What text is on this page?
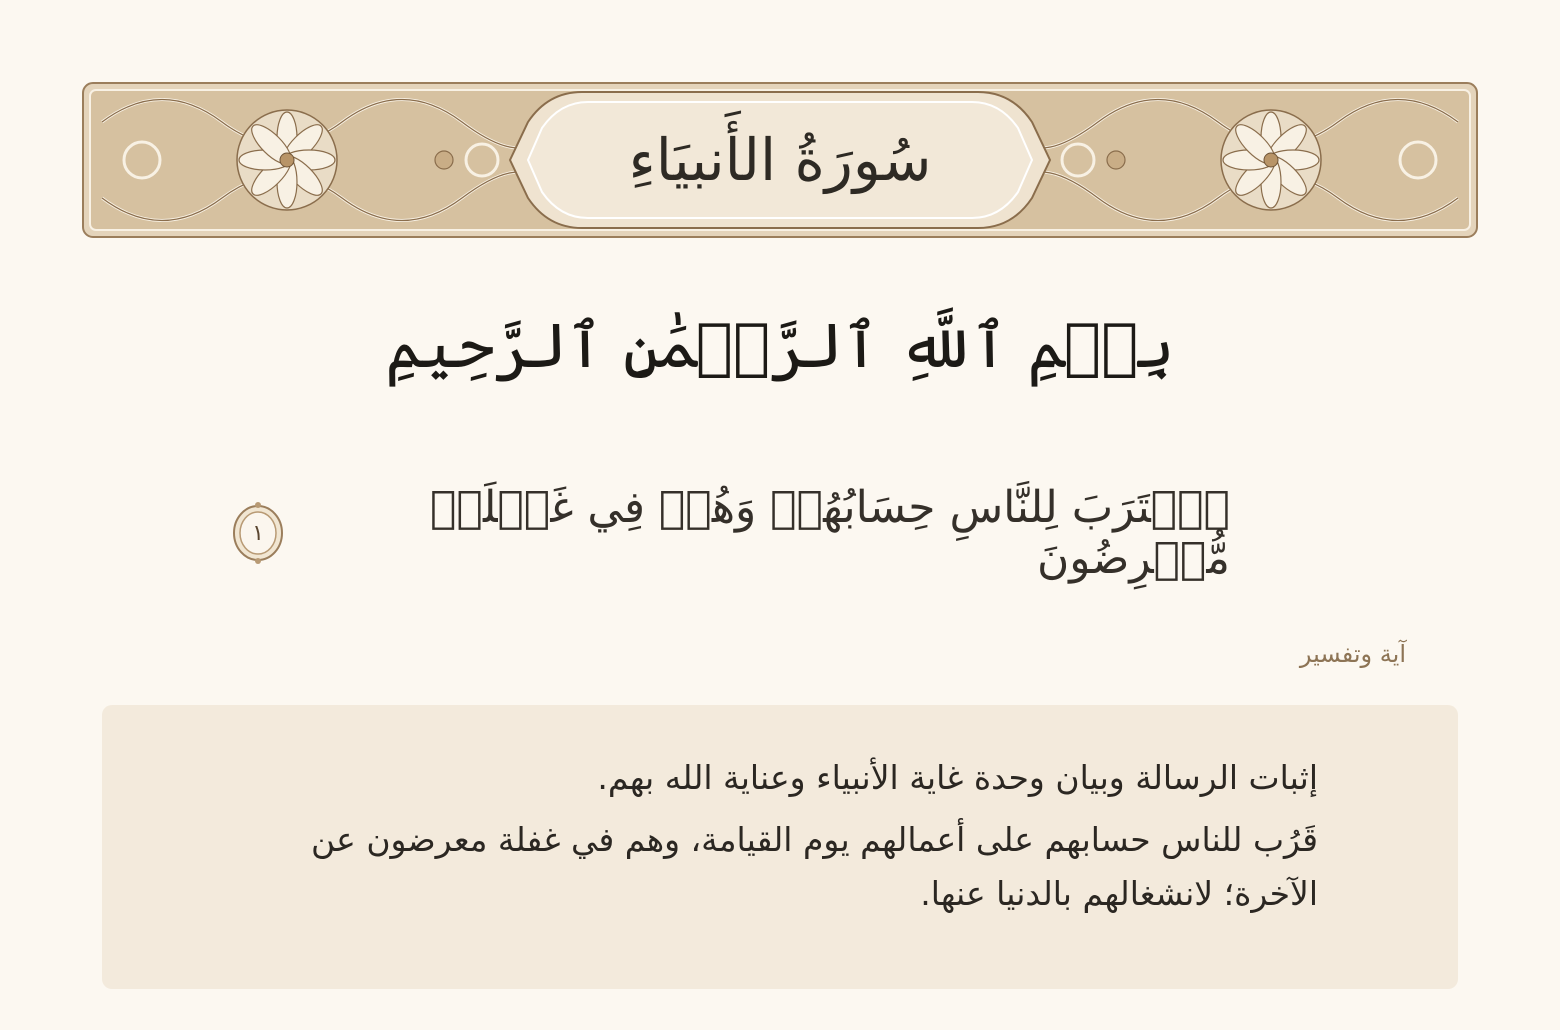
سُورَةُ الأَنبيَاءِ
بِسۡمِ ٱللَّهِ ٱلرَّحۡمَٰنِ ٱلرَّحِيمِ
ٱقۡتَرَبَ لِلنَّاسِ حِسَابُهُمۡ وَهُمۡ فِي غَفۡلَةٖ مُّعۡرِضُونَ
١
آية وتفسير

إثبات الرسالة وبيان وحدة غاية الأنبياء وعناية الله بهم.

قَرُب للناس حسابهم على أعمالهم يوم القيامة، وهم في غفلة معرضون عن الآخرة؛ لانشغالهم بالدنيا عنها.
